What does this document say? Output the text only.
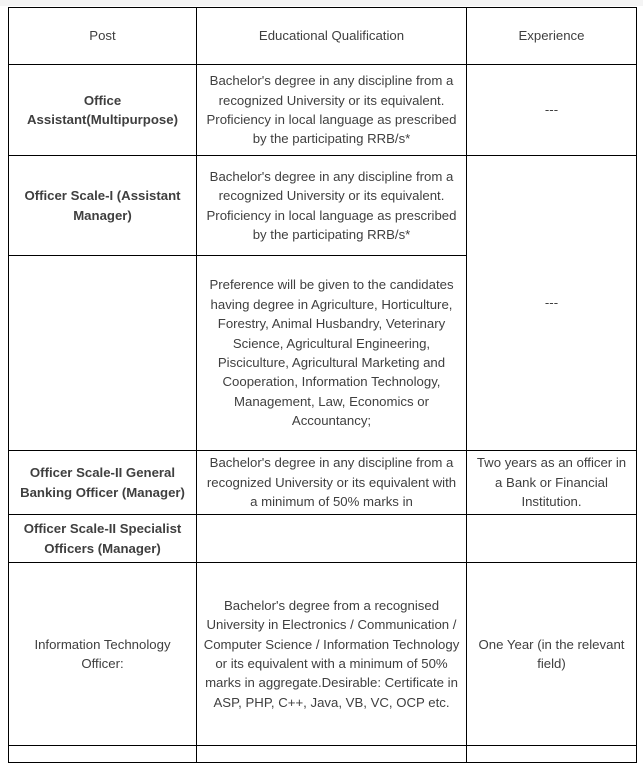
Post	Educational Qualification	Experience
Office Assistant(Multipurpose)	Bachelor's degree in any discipline from a recognized University or its equivalent. Proficiency in local language as prescribed by the participating RRB/s*	---
Officer Scale-I (Assistant Manager)	Bachelor's degree in any discipline from a recognized University or its equivalent. Proficiency in local language as prescribed by the participating RRB/s*	---
	Preference will be given to the candidates having degree in Agriculture, Horticulture, Forestry, Animal Husbandry, Veterinary Science, Agricultural Engineering, Pisciculture, Agricultural Marketing and Cooperation, Information Technology, Management, Law, Economics or Accountancy;	
Officer Scale-II General Banking Officer (Manager)	Bachelor's degree in any discipline from a recognized University or its equivalent with a minimum of 50% marks in	Two years as an officer in a Bank or Financial Institution.
Officer Scale-II Specialist Officers (Manager)		
Information Technology Officer:	Bachelor's degree from a recognised University in Electronics / Communication / Computer Science / Information Technology or its equivalent with a minimum of 50% marks in aggregate.Desirable: Certificate in ASP, PHP, C++, Java, VB, VC, OCP etc.	One Year (in the relevant field)
